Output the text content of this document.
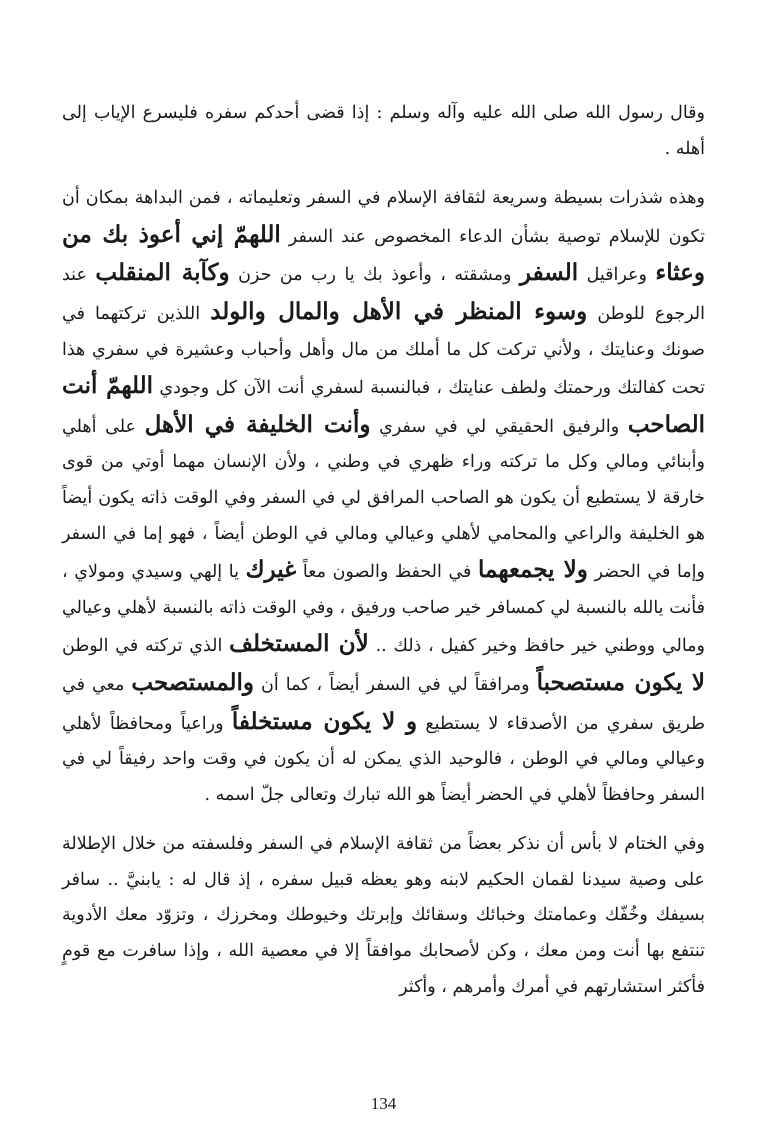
وقال رسول الله صلى الله عليه وآله وسلم : إذا قضى أحدكم سفره فليسرع الإياب إلى أهله .

وهذه شذرات بسيطة وسريعة لثقافة الإسلام في السفر وتعليماته ، فمن البداهة بمكان أن تكون للإسلام توصية بشأن الدعاء المخصوص عند السفر اللهمّ إني أعوذ بك من وعثاء وعراقيل السفر ومشقته ، وأعوذ بك يا رب من حزن وكآبة المنقلب عند الرجوع للوطن وسوء المنظر في الأهل والمال والولد اللذين تركتهما في صونك وعنايتك ، ولأني تركت كل ما أملك من مال وأهل وأحباب وعشيرة في سفري هذا تحت كفالتك ورحمتك ولطف عنايتك ، فبالنسبة لسفري أنت الآن كل وجودي اللهمّ أنت الصاحب والرفيق الحقيقي لي في سفري وأنت الخليفة في الأهل على أهلي وأبنائي ومالي وكل ما تركته وراء ظهري في وطني ، ولأن الإنسان مهما أوتي من قوى خارقة لا يستطيع أن يكون هو الصاحب المرافق لي في السفر وفي الوقت ذاته يكون أيضاً هو الخليفة والراعي والمحامي لأهلي وعيالي ومالي في الوطن أيضاً ، فهو إما في السفر وإما في الحضر ولا يجمعهما في الحفظ والصون معاً غيرك يا إلهي وسيدي ومولاي ، فأنت يالله بالنسبة لي كمسافر خير صاحب ورفيق ، وفي الوقت ذاته بالنسبة لأهلي وعيالي ومالي ووطني خير حافظ وخير كفيل ، ذلك .. لأن المستخلف الذي تركته في الوطن لا يكون مستصحباً ومرافقاً لي في السفر أيضاً ، كما أن والمستصحب معي في طريق سفري من الأصدقاء لا يستطيع و لا يكون مستخلفاً وراعياً ومحافظاً لأهلي وعيالي ومالي في الوطن ، فالوحيد الذي يمكن له أن يكون في وقت واحد رفيقاً لي في السفر وحافظاً لأهلي في الحضر أيضاً هو الله تبارك وتعالى جلّ اسمه .

وفي الختام لا بأس أن نذكر بعضاً من ثقافة الإسلام في السفر وفلسفته من خلال الإطلالة على وصية سيدنا لقمان الحكيم لابنه وهو يعظه قبيل سفره ، إذ قال له : يابنيَّ .. سافر بسيفك وخُفّك وعمامتك وخبائك وسقائك وإبرتك وخيوطك ومخرزك ، وتزوّد معك الأدوية تنتفع بها أنت ومن معك ، وكن لأصحابك موافقاً إلا في معصية الله ، وإذا سافرت مع قومٍ فأكثر استشارتهم في أمرك وأمرهم ، وأكثر

134
